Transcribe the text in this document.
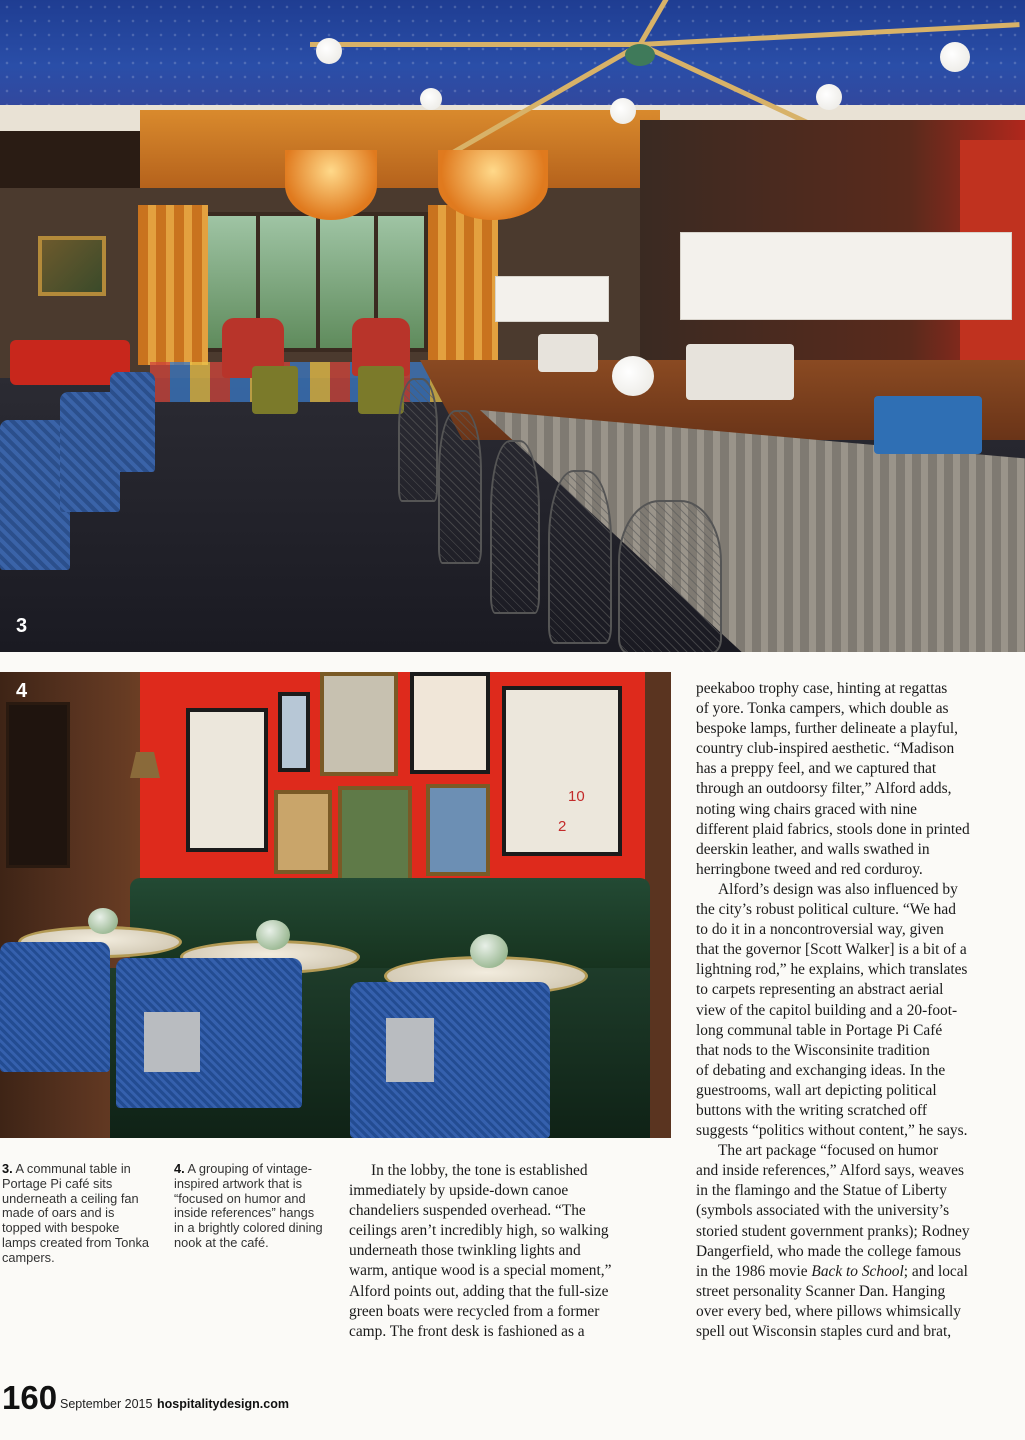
3
10
2
4
3. A communal table in Portage Pi café sits underneath a ceiling fan made of oars and is topped with bespoke lamps created from Tonka campers.
4. A grouping of vintage-inspired artwork that is “focused on humor and inside references” hangs in a brightly colored dining nook at the café.
In the lobby, the tone is established
immediately by upside-down canoe
chandeliers suspended overhead. “The
ceilings aren’t incredibly high, so walking
underneath those twinkling lights and
warm, antique wood is a special moment,”
Alford points out, adding that the full-size
green boats were recycled from a former
camp. The front desk is fashioned as a
peekaboo trophy case, hinting at regattas
of yore. Tonka campers, which double as
bespoke lamps, further delineate a playful,
country club-inspired aesthetic. “Madison
has a preppy feel, and we captured that
through an outdoorsy filter,” Alford adds,
noting wing chairs graced with nine
different plaid fabrics, stools done in printed
deerskin leather, and walls swathed in
herringbone tweed and red corduroy.
Alford’s design was also influenced by
the city’s robust political culture. “We had
to do it in a noncontroversial way, given
that the governor [Scott Walker] is a bit of a
lightning rod,” he explains, which translates
to carpets representing an abstract aerial
view of the capitol building and a 20-foot-
long communal table in Portage Pi Café
that nods to the Wisconsinite tradition
of debating and exchanging ideas. In the
guestrooms, wall art depicting political
buttons with the writing scratched off
suggests “politics without content,” he says.
The art package “focused on humor
and inside references,” Alford says, weaves
in the flamingo and the Statue of Liberty
(symbols associated with the university’s
storied student government pranks); Rodney
Dangerfield, who made the college famous
in the 1986 movie Back to School; and local
street personality Scanner Dan. Hanging
over every bed, where pillows whimsically
spell out Wisconsin staples curd and brat,
160 September 2015 hospitalitydesign.com
